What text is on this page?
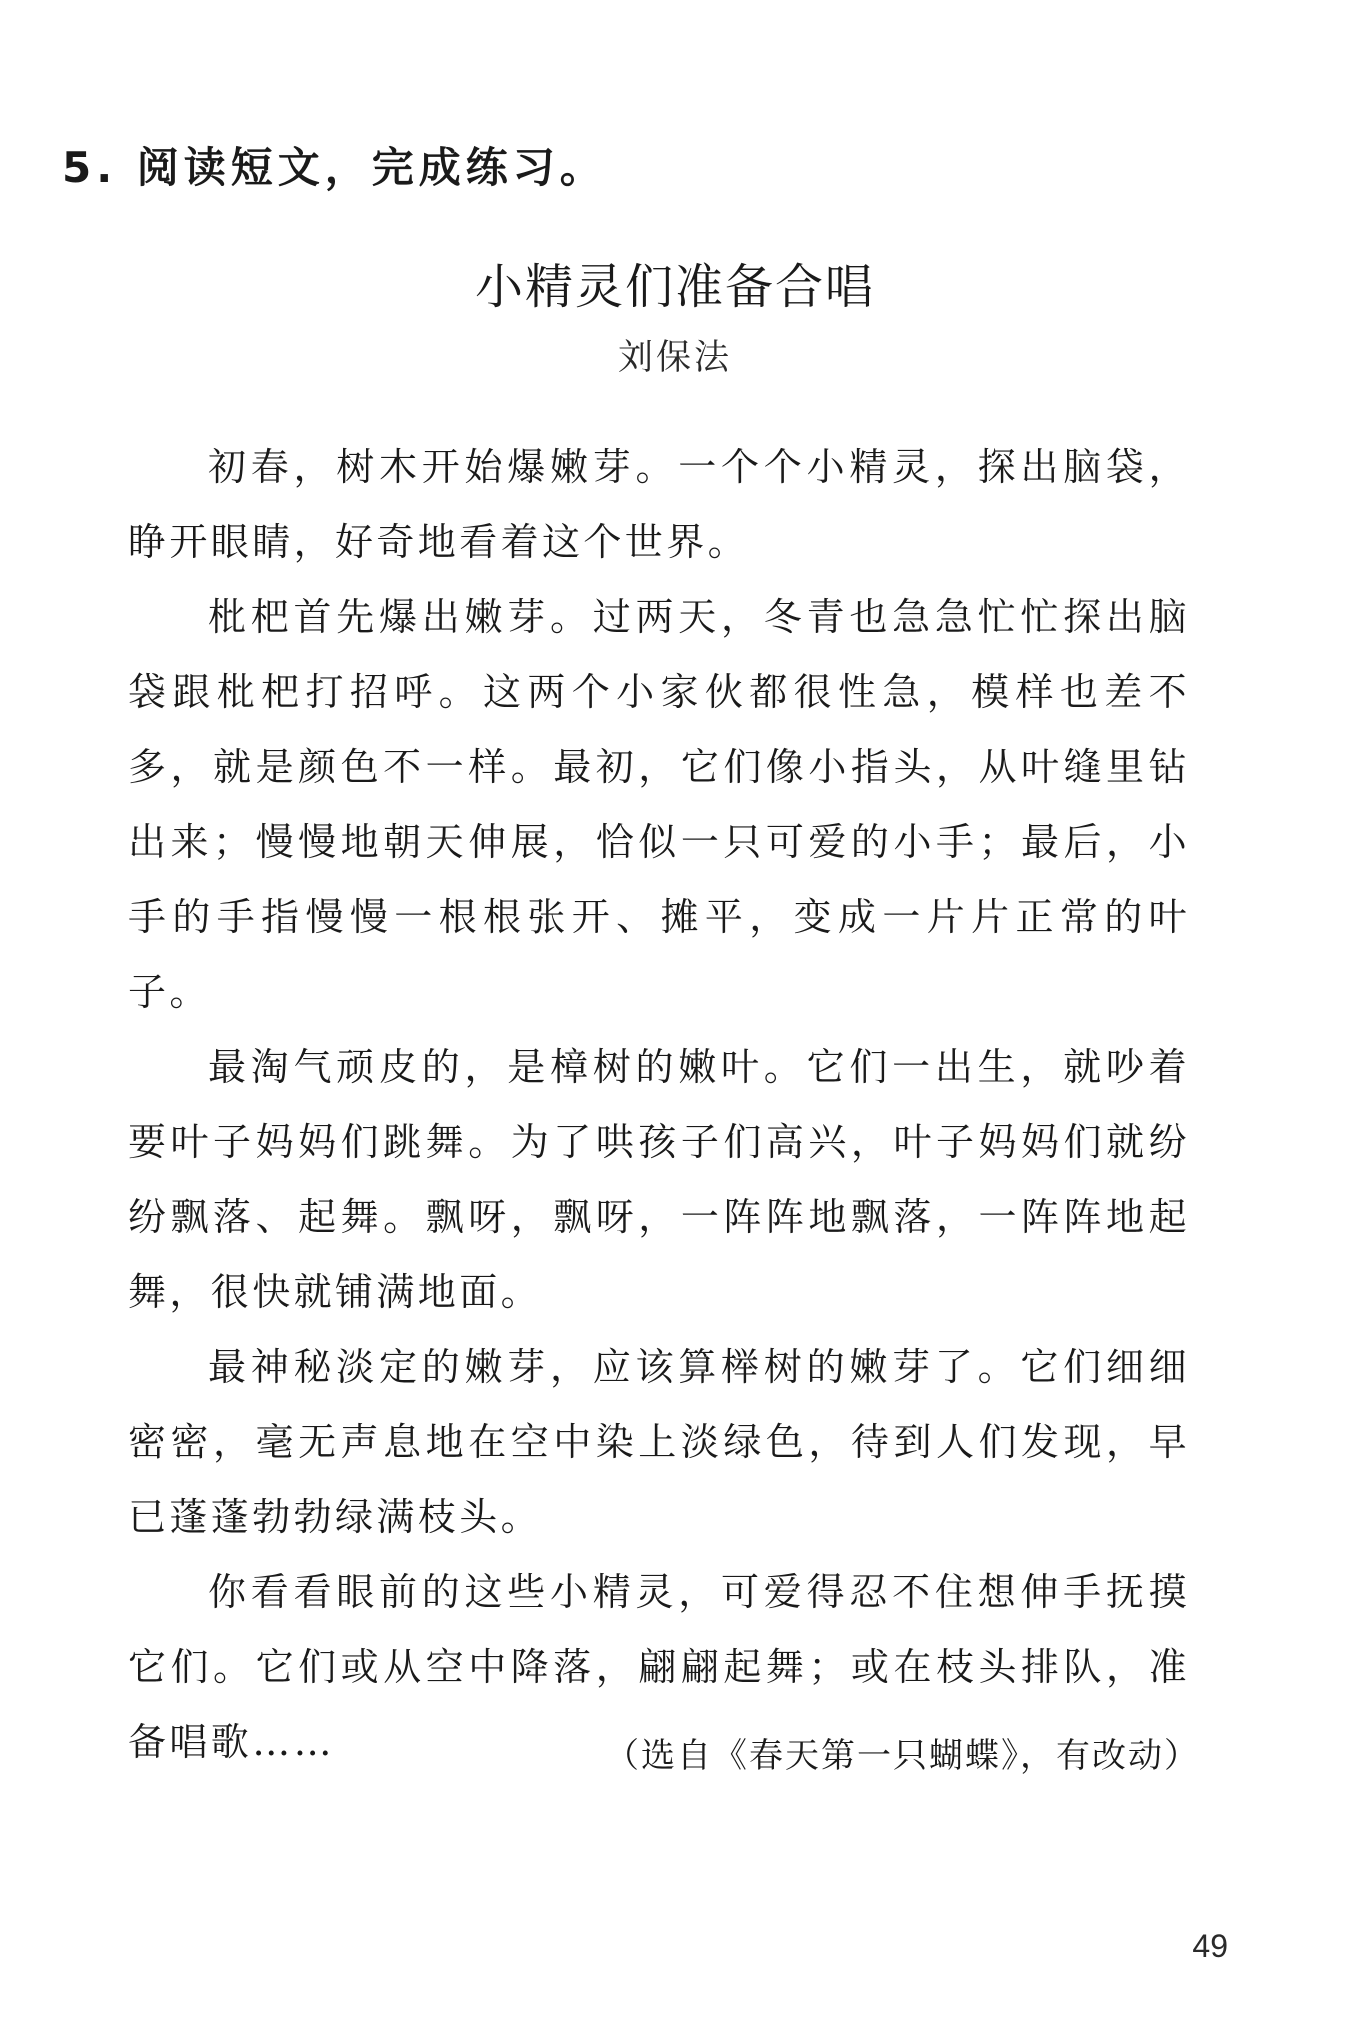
5. 阅读短文，完成练习。
小精灵们准备合唱
刘保法

初春，树木开始爆嫩芽。一个个小精灵，探出脑袋，睁开眼睛，好奇地看着这个世界。

枇杷首先爆出嫩芽。过两天，冬青也急急忙忙探出脑袋跟枇杷打招呼。这两个小家伙都很性急，模样也差不多，就是颜色不一样。最初，它们像小指头，从叶缝里钻出来；慢慢地朝天伸展，恰似一只可爱的小手；最后，小手的手指慢慢一根根张开、摊平，变成一片片正常的叶子。

最淘气顽皮的，是樟树的嫩叶。它们一出生，就吵着要叶子妈妈们跳舞。为了哄孩子们高兴，叶子妈妈们就纷纷飘落、起舞。飘呀，飘呀，一阵阵地飘落，一阵阵地起舞，很快就铺满地面。

最神秘淡定的嫩芽，应该算榉树的嫩芽了。它们细细密密，毫无声息地在空中染上淡绿色，待到人们发现，早已蓬蓬勃勃绿满枝头。

你看看眼前的这些小精灵，可爱得忍不住想伸手抚摸它们。它们或从空中降落，翩翩起舞；或在枝头排队，准备唱歌……	（选自《春天第一只蝴蝶》，有改动）
49
